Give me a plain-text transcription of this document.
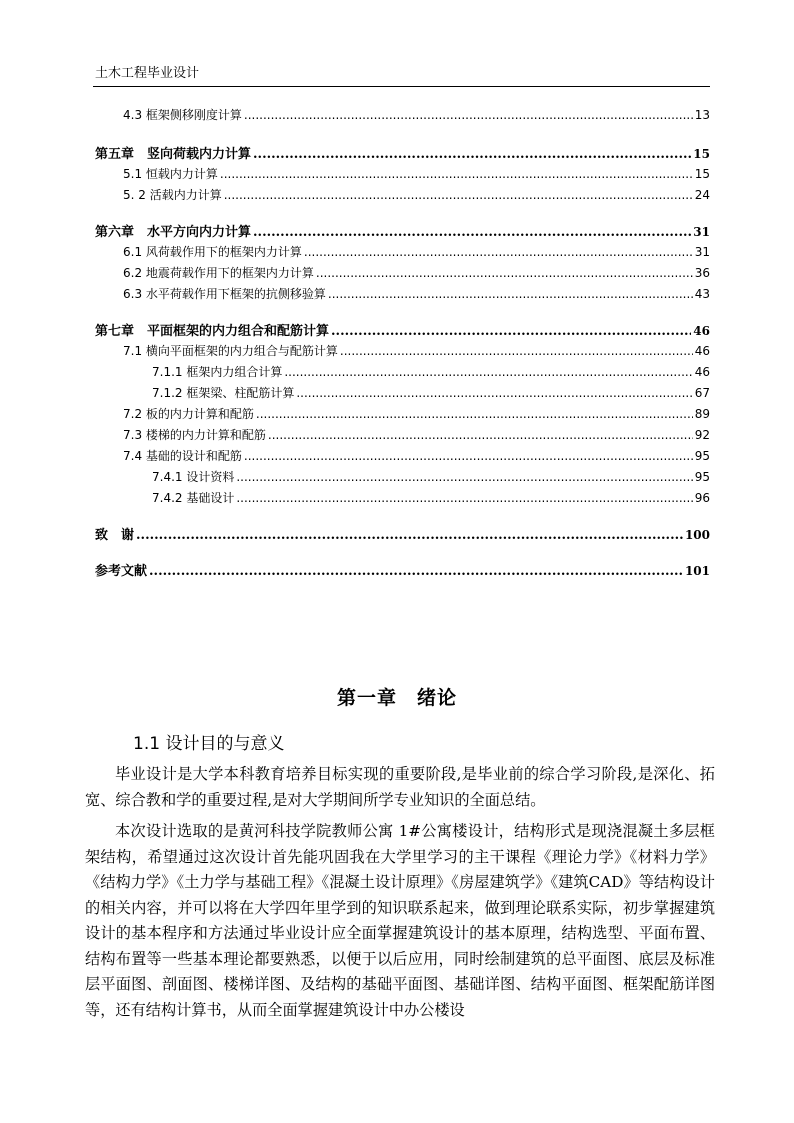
土木工程毕业设计
4.3 框架侧移刚度计算 .....	13
第五章　竖向荷载内力计算 .....	15
5.1 恒载内力计算 .....	15
5. 2 活载内力计算 .....	24
第六章　水平方向内力计算 .....	31
6.1 风荷载作用下的框架内力计算 .....	31
6.2 地震荷载作用下的框架内力计算 .....	36
6.3 水平荷载作用下框架的抗侧移验算 .....	43
第七章　平面框架的内力组合和配筋计算 .....	46
7.1 横向平面框架的内力组合与配筋计算 .....	46
7.1.1 框架内力组合计算 .....	46
7.1.2 框架梁、柱配筋计算 .....	67
7.2 板的内力计算和配筋 .....	89
7.3 楼梯的内力计算和配筋 .....	92
7.4 基础的设计和配筋 .....	95
7.4.1 设计资料 .....	95
7.4.2 基础设计 .....	96
致　谢 .....	100
参考文献 .....	101
第一章　绪论
1.1 设计目的与意义
毕业设计是大学本科教育培养目标实现的重要阶段,是毕业前的综合学习阶段,是深化、拓宽、综合教和学的重要过程,是对大学期间所学专业知识的全面总结。
本次设计选取的是黄河科技学院教师公寓 1#公寓楼设计，结构形式是现浇混凝土多层框架结构，希望通过这次设计首先能巩固我在大学里学习的主干课程《理论力学》《材料力学》《结构力学》《土力学与基础工程》《混凝土设计原理》《房屋建筑学》《建筑CAD》等结构设计的相关内容，并可以将在大学四年里学到的知识联系起来，做到理论联系实际，初步掌握建筑设计的基本程序和方法通过毕业设计应全面掌握建筑设计的基本原理，结构选型、平面布置、结构布置等一些基本理论都要熟悉，以便于以后应用，同时绘制建筑的总平面图、底层及标准层平面图、剖面图、楼梯详图、及结构的基础平面图、基础详图、结构平面图、框架配筋详图等，还有结构计算书，从而全面掌握建筑设计中办公楼设
